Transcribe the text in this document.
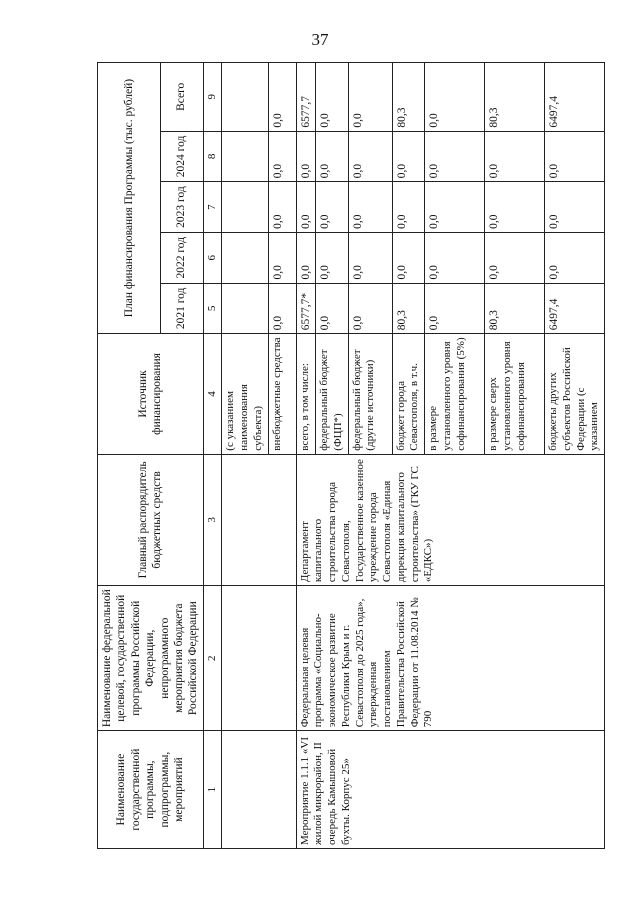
37
Наименование государственной программы, подпрограммы, мероприятий	Наименование федеральной целевой, государственной программы Российской Федерации, непрограммного мероприятия бюджета Российской Федерации	Главный распорядитель бюджетных средств	Источник финансирования	План финансирования Программы (тыс. рублей)				
				2021 год	2022 год	2023 год	2024 год	Всего
1	2	3	4	5	6	7	8	9
			(с указанием наименования субъекта)					
			внебюджетные средства	0,0	0,0	0,0	0,0	0,0
Мероприятие 1.1.1 «VI жилой микрорайон, II очередь Камышовой бухты. Корпус 25»	Федеральная целевая программа «Социально-экономическое развитие Республики Крым и г. Севастополя до 2025 года», утвержденная постановлением Правительства Российской Федерации от 11.08.2014 № 790	Департамент капитального строительства города Севастополя, Государственное казенное учреждение города Севастополя «Единая дирекция капитального строительства» (ГКУ ГС «ЕДКС»)	всего, в том числе:	6577,7*	0,0	0,0	0,0	6577,7
			федеральный бюджет (ФЦП*)	0,0	0,0	0,0	0,0	0,0
			федеральный бюджет (другие источники)	0,0	0,0	0,0	0,0	0,0
			бюджет города Севастополя, в т.ч.	80,3	0,0	0,0	0,0	80,3
			в размере установленного уровня софинансирования (5%)	0,0	0,0	0,0	0,0	0,0
			в размере сверх установленного уровня софинансирования	80,3	0,0	0,0	0,0	80,3
			бюджеты других субъектов Российской Федерации (с указанием	6497,4	0,0	0,0	0,0	6497,4
